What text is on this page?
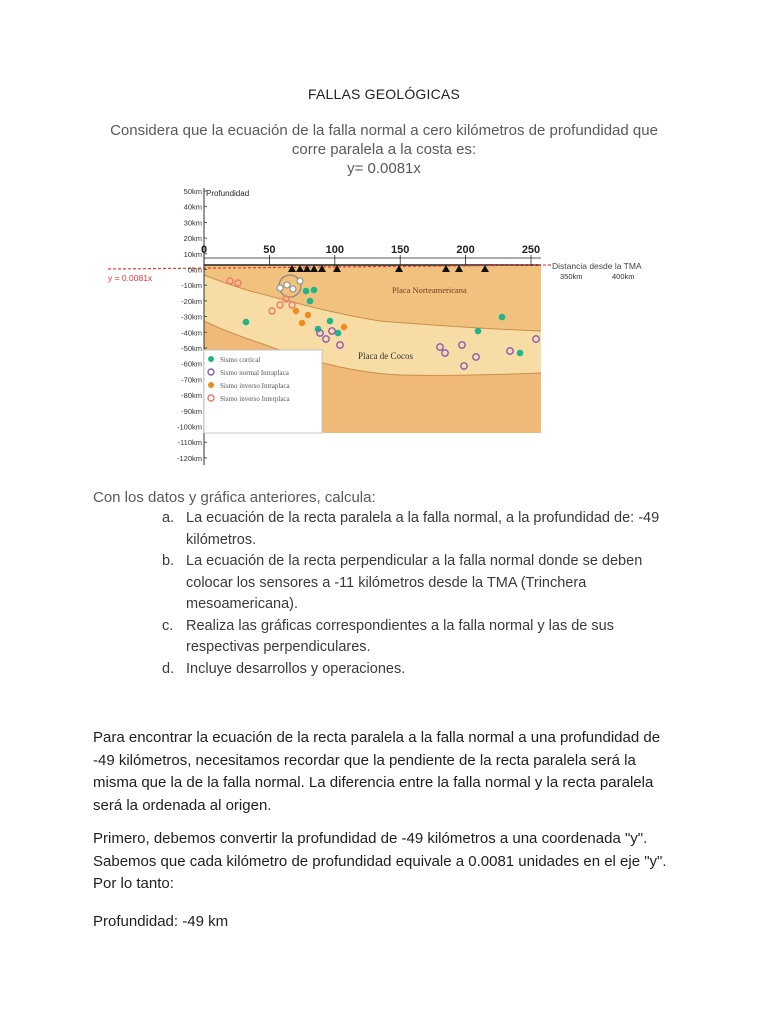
FALLAS GEOLÓGICAS
Considera que la ecuación de la falla normal a cero kilómetros de profundidad que corre paralela a la costa es:
y= 0.0081x
Profundidad
50km
40km
30km
20km
10km
0km
-10km
-20km
-30km
-40km
-50km
-60km
-70km
-80km
-90km
-100km
-110km
-120km
0	50	100	150	200	250
350km	400km
y = 0.0081x
Distancia desde la TMA
Placa Norteamericana
Placa de Cocos
Sismo cortical
Sismo normal Intraplaca
Sismo inverso Intraplaca
Sismo inverso Interplaca
Con los datos y gráfica anteriores, calcula:
a. La ecuación de la recta paralela a la falla normal, a la profundidad de: -49 kilómetros.
b. La ecuación de la recta perpendicular a la falla normal donde se deben colocar los sensores a -11 kilómetros desde la TMA (Trinchera mesoamericana).
c. Realiza las gráficas correspondientes a la falla normal y las de sus respectivas perpendiculares.
d. Incluye desarrollos y operaciones.

Para encontrar la ecuación de la recta paralela a la falla normal a una profundidad de -49 kilómetros, necesitamos recordar que la pendiente de la recta paralela será la misma que la de la falla normal. La diferencia entre la falla normal y la recta paralela será la ordenada al origen.

Primero, debemos convertir la profundidad de -49 kilómetros a una coordenada "y". Sabemos que cada kilómetro de profundidad equivale a 0.0081 unidades en el eje "y". Por lo tanto:

Profundidad: -49 km
